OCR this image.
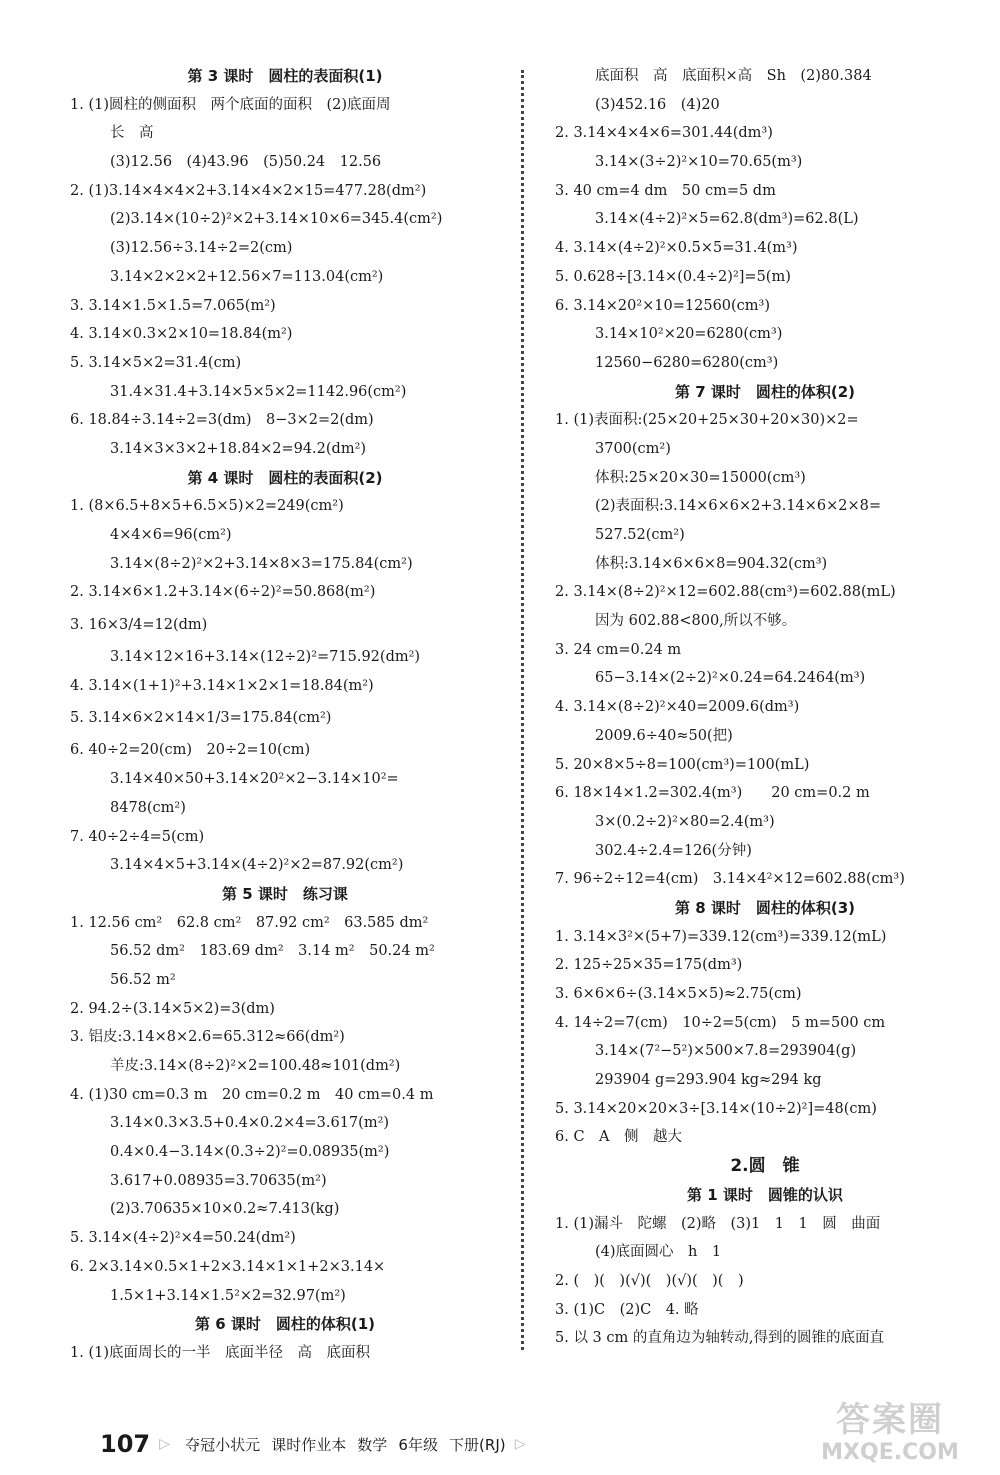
第 3 课时　圆柱的表面积(1)
1. (1)圆柱的侧面积　两个底面的面积　(2)底面周
长　高
(3)12.56　(4)43.96　(5)50.24　12.56
2. (1)3.14×4×4×2+3.14×4×2×15=477.28(dm²)
(2)3.14×(10÷2)²×2+3.14×10×6=345.4(cm²)
(3)12.56÷3.14÷2=2(cm)
3.14×2×2×2+12.56×7=113.04(cm²)
3. 3.14×1.5×1.5=7.065(m²)
4. 3.14×0.3×2×10=18.84(m²)
5. 3.14×5×2=31.4(cm)
31.4×31.4+3.14×5×5×2=1142.96(cm²)
6. 18.84÷3.14÷2=3(dm)　8−3×2=2(dm)
3.14×3×3×2+18.84×2=94.2(dm²)
第 4 课时　圆柱的表面积(2)
1. (8×6.5+8×5+6.5×5)×2=249(cm²)
4×4×6=96(cm²)
3.14×(8÷2)²×2+3.14×8×3=175.84(cm²)
2. 3.14×6×1.2+3.14×(6÷2)²=50.868(m²)
3. 16×3/4=12(dm)
3.14×12×16+3.14×(12÷2)²=715.92(dm²)
4. 3.14×(1+1)²+3.14×1×2×1=18.84(m²)
5. 3.14×6×2×14×1/3=175.84(cm²)
6. 40÷2=20(cm)　20÷2=10(cm)
3.14×40×50+3.14×20²×2−3.14×10²=
8478(cm²)
7. 40÷2÷4=5(cm)
3.14×4×5+3.14×(4÷2)²×2=87.92(cm²)
第 5 课时　练习课
1. 12.56 cm²　62.8 cm²　87.92 cm²　63.585 dm²
56.52 dm²　183.69 dm²　3.14 m²　50.24 m²
56.52 m²
2. 94.2÷(3.14×5×2)=3(dm)
3. 铝皮:3.14×8×2.6=65.312≈66(dm²)
羊皮:3.14×(8÷2)²×2=100.48≈101(dm²)
4. (1)30 cm=0.3 m　20 cm=0.2 m　40 cm=0.4 m
3.14×0.3×3.5+0.4×0.2×4=3.617(m²)
0.4×0.4−3.14×(0.3÷2)²=0.08935(m²)
3.617+0.08935=3.70635(m²)
(2)3.70635×10×0.2≈7.413(kg)
5. 3.14×(4÷2)²×4=50.24(dm²)
6. 2×3.14×0.5×1+2×3.14×1×1+2×3.14×
1.5×1+3.14×1.5²×2=32.97(m²)
第 6 课时　圆柱的体积(1)
1. (1)底面周长的一半　底面半径　高　底面积
底面积　高　底面积×高　Sh　(2)80.384
(3)452.16　(4)20
2. 3.14×4×4×6=301.44(dm³)
3.14×(3÷2)²×10=70.65(m³)
3. 40 cm=4 dm　50 cm=5 dm
3.14×(4÷2)²×5=62.8(dm³)=62.8(L)
4. 3.14×(4÷2)²×0.5×5=31.4(m³)
5. 0.628÷[3.14×(0.4÷2)²]=5(m)
6. 3.14×20²×10=12560(cm³)
3.14×10²×20=6280(cm³)
12560−6280=6280(cm³)
第 7 课时　圆柱的体积(2)
1. (1)表面积:(25×20+25×30+20×30)×2=
3700(cm²)
体积:25×20×30=15000(cm³)
(2)表面积:3.14×6×6×2+3.14×6×2×8=
527.52(cm²)
体积:3.14×6×6×8=904.32(cm³)
2. 3.14×(8÷2)²×12=602.88(cm³)=602.88(mL)
因为 602.88<800,所以不够。
3. 24 cm=0.24 m
65−3.14×(2÷2)²×0.24=64.2464(m³)
4. 3.14×(8÷2)²×40=2009.6(dm³)
2009.6÷40≈50(把)
5. 20×8×5÷8=100(cm³)=100(mL)
6. 18×14×1.2=302.4(m³)　　20 cm=0.2 m
3×(0.2÷2)²×80=2.4(m³)
302.4÷2.4=126(分钟)
7. 96÷2÷12=4(cm)　3.14×4²×12=602.88(cm³)
第 8 课时　圆柱的体积(3)
1. 3.14×3²×(5+7)=339.12(cm³)=339.12(mL)
2. 125÷25×35=175(dm³)
3. 6×6×6÷(3.14×5×5)≈2.75(cm)
4. 14÷2=7(cm)　10÷2=5(cm)　5 m=500 cm
3.14×(7²−5²)×500×7.8=293904(g)
293904 g=293.904 kg≈294 kg
5. 3.14×20×20×3÷[3.14×(10÷2)²]=48(cm)
6. C　A　侧　越大
2.圆　锥
第 1 课时　圆锥的认识
1. (1)漏斗　陀螺　(2)略　(3)1　1　1　圆　曲面
(4)底面圆心　h　1
2. (　)(　)(√)(　)(√)(　)(　)
3. (1)C　(2)C　4. 略
5. 以 3 cm 的直角边为轴转动,得到的圆锥的底面直
107 ▷ 夺冠小状元 课时作业本 数学 6年级 下册(RJ) ▷
答案圈
MXQE.COM
